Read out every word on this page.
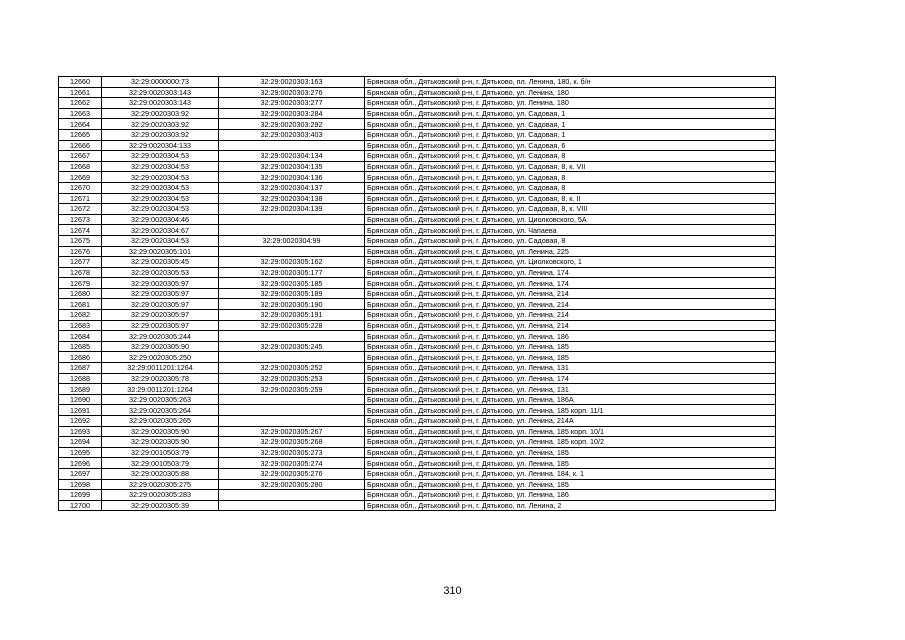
12660	32:29:0000000:73	32:29:0020303:163	Брянская обл., Дятьковский р-н, г. Дятьково, пл. Ленина, 180, к. б/н
12661	32:29:0020303:143	32:29:0020303:276	Брянская обл., Дятьковский р-н, г. Дятьково, ул. Ленина, 180
12662	32:29:0020303:143	32:29:0020303:277	Брянская обл., Дятьковский р-н, г. Дятьково, ул. Ленина, 180
12663	32:29:0020303:92	32:29:0020303:284	Брянская обл., Дятьковский р-н, г. Дятьково, ул. Садовая, 1
12664	32:29:0020303:92	32:29:0020303:292	Брянская обл., Дятьковский р-н, г. Дятьково, ул. Садовая, 1
12665	32:29:0020303:92	32:29:0020303:403	Брянская обл., Дятьковский р-н, г. Дятьково, ул. Садовая, 1
12666	32:29:0020304:133		Брянская обл., Дятьковский р-н, г. Дятьково, ул. Садовая, 6
12667	32:29:0020304:53	32:29:0020304:134	Брянская обл., Дятьковский р-н, г. Дятьково, ул. Садовая, 8
12668	32:29:0020304:53	32:29:0020304:135	Брянская обл., Дятьковский р-н, г. Дятьково, ул. Садовая, 8, к. VII
12669	32:29:0020304:53	32:29:0020304:136	Брянская обл., Дятьковский р-н, г. Дятьково, ул. Садовая, 8
12670	32:29:0020304:53	32:29:0020304:137	Брянская обл., Дятьковский р-н, г. Дятьково, ул. Садовая, 8
12671	32:29:0020304:53	32:29:0020304:138	Брянская обл., Дятьковский р-н, г. Дятьково, ул. Садовая, 8, к. II
12672	32:29:0020304:53	32:29:0020304:139	Брянская обл., Дятьковский р-н, г. Дятьково, ул. Садовая, 8, к. VIII
12673	32:29:0020304:46		Брянская обл., Дятьковский р-н, г. Дятьково, ул. Циолковского, 5А
12674	32:29:0020304:67		Брянская обл., Дятьковский р-н, г. Дятьково, ул. Чапаева
12675	32:29:0020304:53	32:29:0020304:99	Брянская обл., Дятьковский р-н, г. Дятьково, ул. Садовая, 8
12676	32:29:0020305:101		Брянская обл., Дятьковский р-н, г. Дятьково, ул. Ленина, 225
12677	32:29:0020305:45	32:29:0020305:162	Брянская обл., Дятьковский р-н, г. Дятьково, ул. Циолковского, 1
12678	32:29:0020305:53	32:29:0020305:177	Брянская обл., Дятьковский р-н, г. Дятьково, ул. Ленина, 174
12679	32:29:0020305:97	32:29:0020305:185	Брянская обл., Дятьковский р-н, г. Дятьково, ул. Ленина, 174
12680	32:29:0020305:97	32:29:0020305:189	Брянская обл., Дятьковский р-н, г. Дятьково, ул. Ленина, 214
12681	32:29:0020305:97	32:29:0020305:190	Брянская обл., Дятьковский р-н, г. Дятьково, ул. Ленина, 214
12682	32:29:0020305:97	32:29:0020305:191	Брянская обл., Дятьковский р-н, г. Дятьково, ул. Ленина, 214
12683	32:29:0020305:97	32:29:0020305:228	Брянская обл., Дятьковский р-н, г. Дятьково, ул. Ленина, 214
12684	32:29:0020305:244		Брянская обл., Дятьковский р-н, г. Дятьково, ул. Ленина, 186
12685	32:29:0020305:90	32:29:0020305:245	Брянская обл., Дятьковский р-н, г. Дятьково, ул. Ленина, 185
12686	32:29:0020305:250		Брянская обл., Дятьковский р-н, г. Дятьково, ул. Ленина, 185
12687	32:29:0011201:1264	32:29:0020305:252	Брянская обл., Дятьковский р-н, г. Дятьково, ул. Ленина, 131
12688	32:29:0020305:78	32:29:0020305:253	Брянская обл., Дятьковский р-н, г. Дятьково, ул. Ленина, 174
12689	32:29:0011201:1264	32:29:0020305:259	Брянская обл., Дятьковский р-н, г. Дятьково, ул. Ленина, 131
12690	32:29:0020305:263		Брянская обл., Дятьковский р-н, г. Дятьково, ул. Ленина, 186А
12691	32:29:0020305:264		Брянская обл., Дятьковский р-н, г. Дятьково, ул. Ленина, 185 корп. 11/1
12692	32:29:0020305:265		Брянская обл., Дятьковский р-н, г. Дятьково, ул. Ленина, 214А
12693	32:29:0020305:90	32:29:0020305:267	Брянская обл., Дятьковский р-н, г. Дятьково, ул. Ленина, 185 корп. 10/1
12694	32:29:0020305:90	32:29:0020305:268	Брянская обл., Дятьковский р-н, г. Дятьково, ул. Ленина, 185 корп. 10/2
12695	32:29:0010503:79	32:29:0020305:273	Брянская обл., Дятьковский р-н, г. Дятьково, ул. Ленина, 185
12696	32:29:0010503:79	32:29:0020305:274	Брянская обл., Дятьковский р-н, г. Дятьково, ул. Ленина, 185
12697	32:29:0020305:88	32:29:0020305:276	Брянская обл., Дятьковский р-н, г. Дятьково, ул. Ленина, 184, к. 1
12698	32:29:0020305:275	32:29:0020305:280	Брянская обл., Дятьковский р-н, г. Дятьково, ул. Ленина, 185
12699	32:29:0020305:283		Брянская обл., Дятьковский р-н, г. Дятьково, ул. Ленина, 186
12700	32:29:0020305:39		Брянская обл., Дятьковский р-н, г. Дятьково, пл. Ленина, 2
310
